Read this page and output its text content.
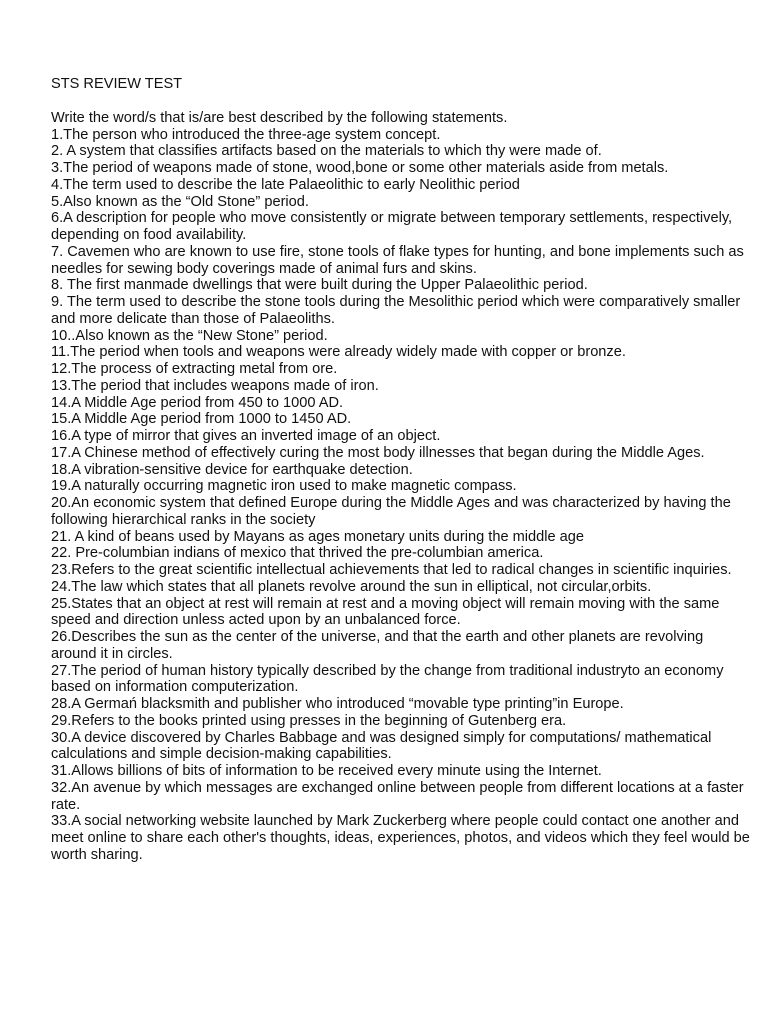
STS REVIEW TEST
Write the word/s that is/are best described by the following statements.
1.The person who introduced the three-age system concept.
2. A system that classifies artifacts based on the materials to which thy were made of.
3.The period of weapons made of stone, wood,bone or some other materials aside from metals.
4.The term used to describe the late Palaeolithic to early Neolithic period
5.Also known as the “Old Stone” period.
6.A description for people who move consistently or migrate between temporary settlements, respectively, depending on food availability.
7. Cavemen who are known to use fire, stone tools of flake types for hunting, and bone implements such as needles for sewing body coverings made of animal furs and skins.
8. The first manmade dwellings that were built during the Upper Palaeolithic period.
9. The term used to describe the stone tools during the Mesolithic period which were comparatively smaller and more delicate than those of Palaeoliths.
10..Also known as the “New Stone” period.
11.The period when tools and weapons were already widely made with copper or bronze.
12.The process of extracting metal from ore.
13.The period that includes weapons made of iron.
14.A Middle Age period from 450 to 1000 AD.
15.A Middle Age period from 1000 to 1450 AD.
16.A type of mirror that gives an inverted image of an object.
17.A Chinese method of effectively curing the most body illnesses that began during the Middle Ages.
18.A vibration-sensitive device for earthquake detection.
19.A naturally occurring magnetic iron used to make magnetic compass.
20.An economic system that defined Europe during the Middle Ages and was characterized by having the following hierarchical ranks in the society
21. A kind of beans used by Mayans as ages monetary units during the middle age
22. Pre-columbian indians of mexico that thrived the pre-columbian america.
23.Refers to the great scientific intellectual achievements that led to radical changes in scientific inquiries.
24.The law which states that all planets revolve around the sun in elliptical, not circular,orbits.
25.States that an object at rest will remain at rest and a moving object will remain moving with the same speed and direction unless acted upon by an unbalanced force.
26.Describes the sun as the center of the universe, and that the earth and other planets are revolving around it in circles.
27.The period of human history typically described by the change from traditional industryto an economy based on information computerization.
28.A Germań blacksmith and publisher who introduced “movable type printing”in Europe.
29.Refers to the books printed using presses in the beginning of Gutenberg era.
30.A device discovered by Charles Babbage and was designed simply for computations/ mathematical calculations and simple decision-making capabilities.
31.Allows billions of bits of information to be received every minute using the Internet.
32.An avenue by which messages are exchanged online between people from different locations at a faster rate.
33.A social networking website launched by Mark Zuckerberg where people could contact one another and meet online to share each other's thoughts, ideas, experiences, photos, and videos which they feel would be worth sharing.
